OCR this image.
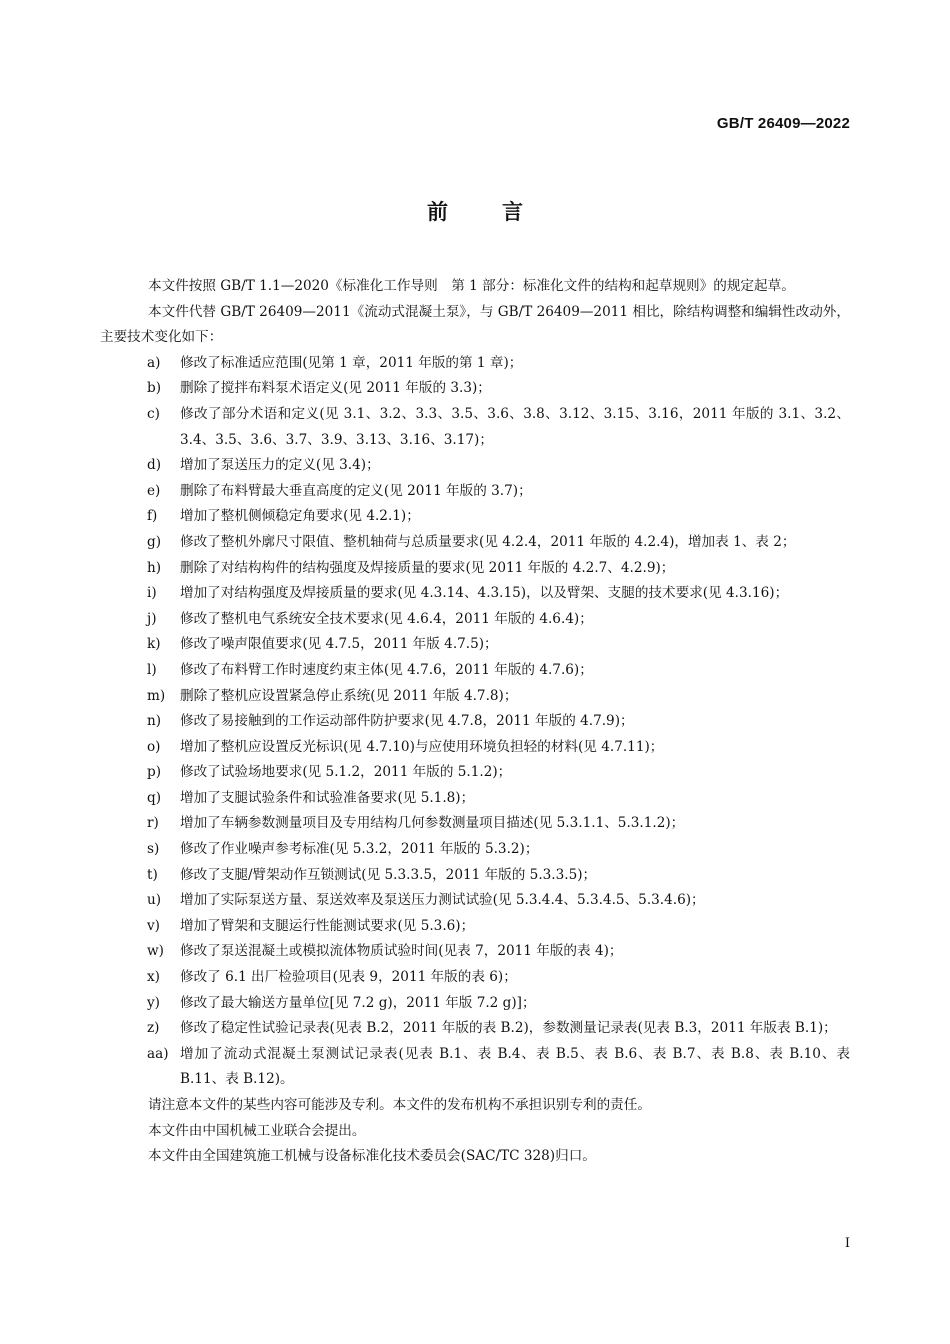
GB/T 26409—2022
前	言

本文件按照 GB/T 1.1—2020《标准化工作导则　第 1 部分：标准化文件的结构和起草规则》的规定起草。

本文件代替 GB/T 26409—2011《流动式混凝土泵》，与 GB/T 26409—2011 相比，除结构调整和编辑性改动外，主要技术变化如下：

a)	修改了标准适应范围(见第 1 章，2011 年版的第 1 章)；
b)	删除了搅拌布料泵术语定义(见 2011 年版的 3.3)；
c)	修改了部分术语和定义(见 3.1、3.2、3.3、3.5、3.6、3.8、3.12、3.15、3.16，2011 年版的 3.1、3.2、3.4、3.5、3.6、3.7、3.9、3.13、3.16、3.17)；
d)	增加了泵送压力的定义(见 3.4)；
e)	删除了布料臂最大垂直高度的定义(见 2011 年版的 3.7)；
f)	增加了整机侧倾稳定角要求(见 4.2.1)；
g)	修改了整机外廓尺寸限值、整机轴荷与总质量要求(见 4.2.4，2011 年版的 4.2.4)，增加表 1、表 2；
h)	删除了对结构构件的结构强度及焊接质量的要求(见 2011 年版的 4.2.7、4.2.9)；
i)	增加了对结构强度及焊接质量的要求(见 4.3.14、4.3.15)，以及臂架、支腿的技术要求(见 4.3.16)；
j)	修改了整机电气系统安全技术要求(见 4.6.4，2011 年版的 4.6.4)；
k)	修改了噪声限值要求(见 4.7.5，2011 年版 4.7.5)；
l)	修改了布料臂工作时速度约束主体(见 4.7.6，2011 年版的 4.7.6)；
m)	删除了整机应设置紧急停止系统(见 2011 年版 4.7.8)；
n)	修改了易接触到的工作运动部件防护要求(见 4.7.8，2011 年版的 4.7.9)；
o)	增加了整机应设置反光标识(见 4.7.10)与应使用环境负担轻的材料(见 4.7.11)；
p)	修改了试验场地要求(见 5.1.2，2011 年版的 5.1.2)；
q)	增加了支腿试验条件和试验准备要求(见 5.1.8)；
r)	增加了车辆参数测量项目及专用结构几何参数测量项目描述(见 5.3.1.1、5.3.1.2)；
s)	修改了作业噪声参考标准(见 5.3.2，2011 年版的 5.3.2)；
t)	修改了支腿/臂架动作互锁测试(见 5.3.3.5，2011 年版的 5.3.3.5)；
u)	增加了实际泵送方量、泵送效率及泵送压力测试试验(见 5.3.4.4、5.3.4.5、5.3.4.6)；
v)	增加了臂架和支腿运行性能测试要求(见 5.3.6)；
w)	修改了泵送混凝土或模拟流体物质试验时间(见表 7，2011 年版的表 4)；
x)	修改了 6.1 出厂检验项目(见表 9，2011 年版的表 6)；
y)	修改了最大输送方量单位[见 7.2 g)，2011 年版 7.2 g)]；
z)	修改了稳定性试验记录表(见表 B.2，2011 年版的表 B.2)，参数测量记录表(见表 B.3，2011 年版表 B.1)；
aa) 增加了流动式混凝土泵测试记录表(见表 B.1、表 B.4、表 B.5、表 B.6、表 B.7、表 B.8、表 B.10、表 B.11、表 B.12)。

请注意本文件的某些内容可能涉及专利。本文件的发布机构不承担识别专利的责任。

本文件由中国机械工业联合会提出。

本文件由全国建筑施工机械与设备标准化技术委员会(SAC/TC 328)归口。

I
